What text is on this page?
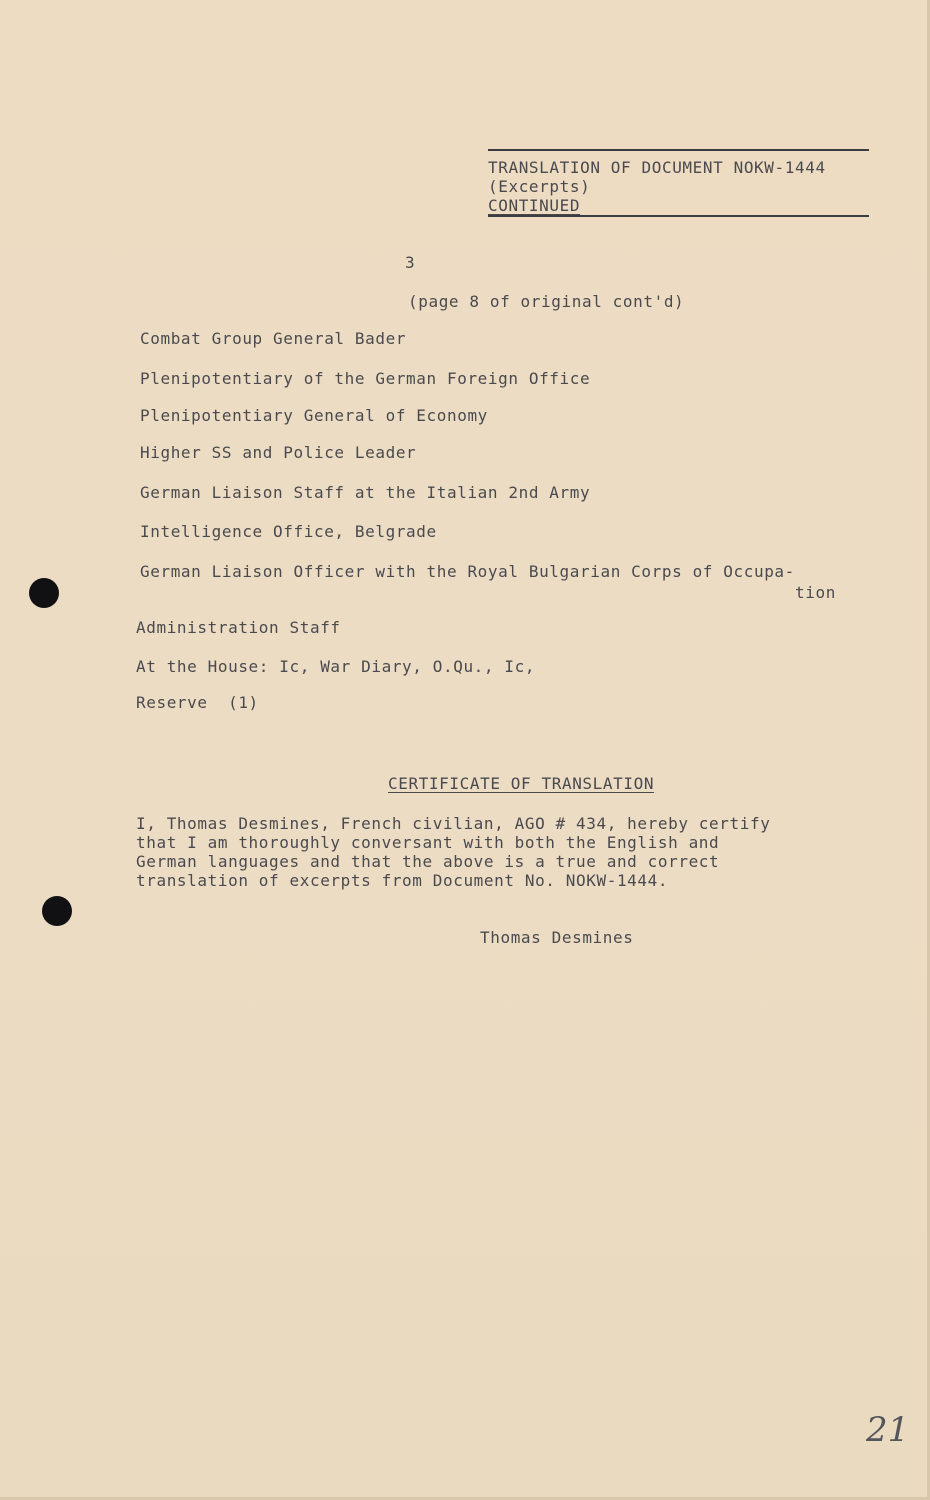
TRANSLATION OF DOCUMENT NOKW-1444
(Excerpts)
CONTINUED
3
(page 8 of original cont'd)
Combat Group General Bader
Plenipotentiary of the German Foreign Office
Plenipotentiary General of Economy
Higher SS and Police Leader
German Liaison Staff at the Italian 2nd Army
Intelligence Office, Belgrade
German Liaison Officer with the Royal Bulgarian Corps of Occupa-
tion
Administration Staff
At the House: Ic, War Diary, O.Qu., Ic,
Reserve  (1)
CERTIFICATE OF TRANSLATION
I, Thomas Desmines, French civilian, AGO # 434, hereby certify
that I am thoroughly conversant with both the English and
German languages and that the above is a true and correct
translation of excerpts from Document No. NOKW-1444.
Thomas Desmines
21
